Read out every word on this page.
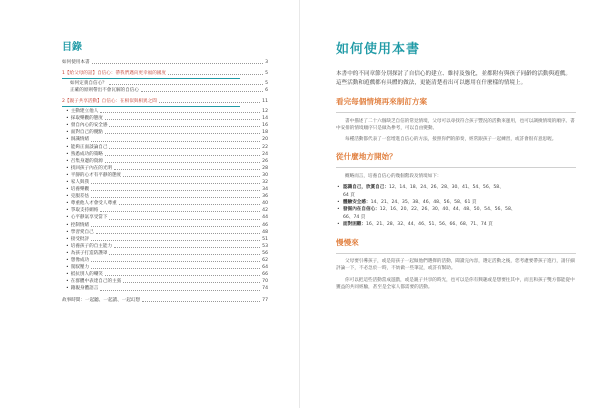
目錄
如何使用本書	3
1【給父母的話】自信心：帶我們邁向更幸福的國度	5
如何定義自信心？	5
正確的原則帶出不會瓦解的自信心	6
2【親子共享活動】自信心：在相似與相異之間	11
• 主動建立他人	12
• 採取樂觀的態度	14
• 發自內心的安全感	16
• 面對自己的優點	18
• 洞識情緒	20
• 能夠正面談論自己	22
• 熟悉成功的策略	24
• 召集身邊的資源	26
• 找回孩子內在的光明	28
• 平靜的心才有平靜的態度	30
• 家人與我	32
• 培養樂觀	34
• 克服差怯	36
• 尊重他人才會受人尊重	40
• 爭取支持網絡	42
• 心平靜氣享受當下	44
• 控制情緒	46
• 學習愛自己	48
• 接受批評	51
• 培養孩子的自主能力	53
• 為孩子打造防護罩	56
• 想像成功	62
• 駕馭壓力	64
• 抵抗別人的嘲笑	66
• 在群體中表達自己的主張	70
• 籍親身體語言	74
故事時間：一起聽、一起讀、一起幻想	77
如何使用本書

本書中的不同章節分別探討了自信心的建立、維持及強化，並都附有與孩子同齡的活動與遊戲。這些活動和遊戲都有具體的做法，更能清楚看出可以應用在什麼樣的情境上。

看完每個情境再來制訂方案

書中描述了二十六個缺乏自信的常見情境，父母可以尋找符合孩子豐況的活動來運用，也可以調換情境的順序。書中安排的情境順序只是做為參考，可以自由變動。

每種活動都代表了一套增進自信心的方法，接照你們的節奏，經常跟孩子一起練習，或許會很有意思喔。

從什麼地方開始？

概略而言，培養自信心的幾個階段及情境如下：

• 認識自己，欣賞自己：12、14、18、24、26、28、30、41、54、56、58、
64 頁
• 體驗安全感：14、21、24、35、38、46、48、56、58、61 頁
• 發掘內在自信心：12、16、20、22、26、30、40、44、48、50、54、56、58、
66、74 頁
• 面對困難：16、21、28、32、44、46、51、56、66、68、71、74 頁
慢慢來

父母要引導孩子，或是陪孩子一起做他們選擇的活動，聞讀完內容，選定活動之後，您考慮要帶孩子進行，請仔細評論一下，不必急於一時，不妨做一些筆記，或許有幫助。

你可以把這些活動當成遊戲，或是親子共享的時光，也可以是你有興趣或是想要往其中，而且和孩子雙方都能從中獲益的共同經驗，甚至是全家人都需要的活動。
